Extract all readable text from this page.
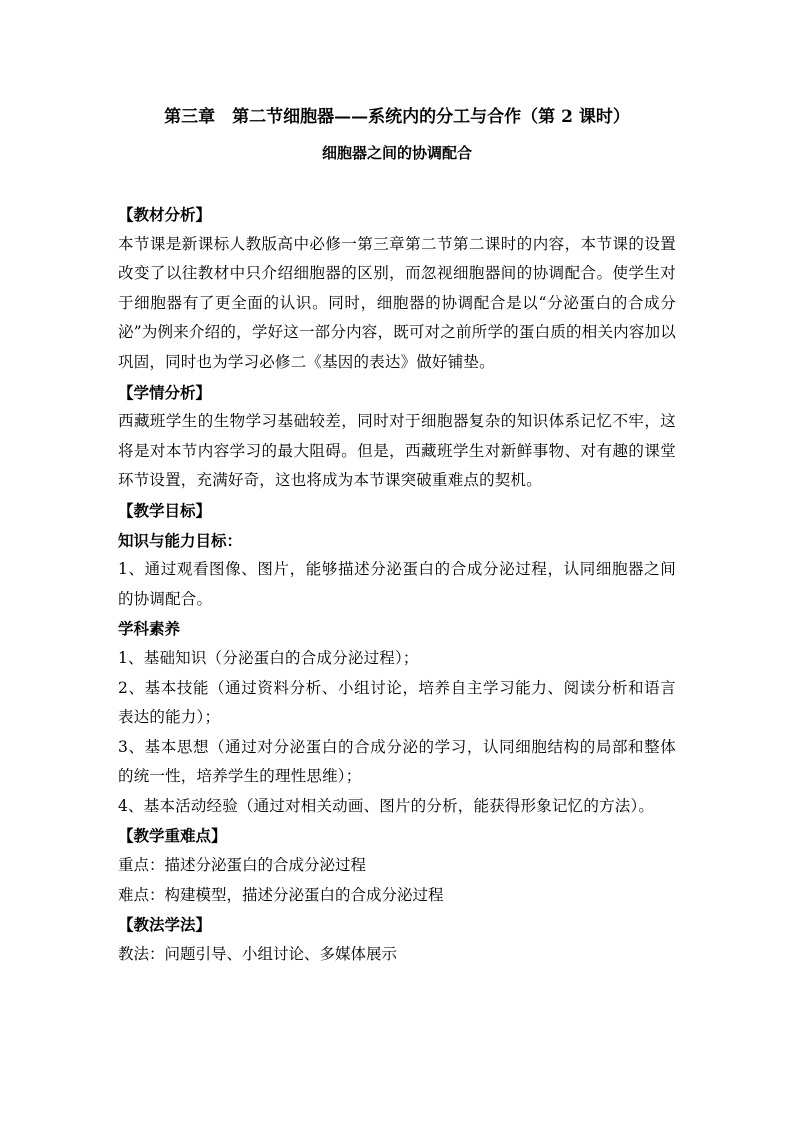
第三章　第二节细胞器——系统内的分工与合作（第 2 课时）
细胞器之间的协调配合

【教材分析】

本节课是新课标人教版高中必修一第三章第二节第二课时的内容，本节课的设置改变了以往教材中只介绍细胞器的区别，而忽视细胞器间的协调配合。使学生对于细胞器有了更全面的认识。同时，细胞器的协调配合是以“分泌蛋白的合成分泌”为例来介绍的，学好这一部分内容，既可对之前所学的蛋白质的相关内容加以巩固，同时也为学习必修二《基因的表达》做好铺垫。

【学情分析】

西藏班学生的生物学习基础较差，同时对于细胞器复杂的知识体系记忆不牢，这将是对本节内容学习的最大阻碍。但是，西藏班学生对新鲜事物、对有趣的课堂环节设置，充满好奇，这也将成为本节课突破重难点的契机。

【教学目标】

知识与能力目标：

1、通过观看图像、图片，能够描述分泌蛋白的合成分泌过程，认同细胞器之间的协调配合。

学科素养

1、基础知识（分泌蛋白的合成分泌过程）；

2、基本技能（通过资料分析、小组讨论，培养自主学习能力、阅读分析和语言表达的能力）；

3、基本思想（通过对分泌蛋白的合成分泌的学习，认同细胞结构的局部和整体的统一性，培养学生的理性思维）；

4、基本活动经验（通过对相关动画、图片的分析，能获得形象记忆的方法）。

【教学重难点】

重点：描述分泌蛋白的合成分泌过程

难点：构建模型，描述分泌蛋白的合成分泌过程

【教法学法】

教法：问题引导、小组讨论、多媒体展示
